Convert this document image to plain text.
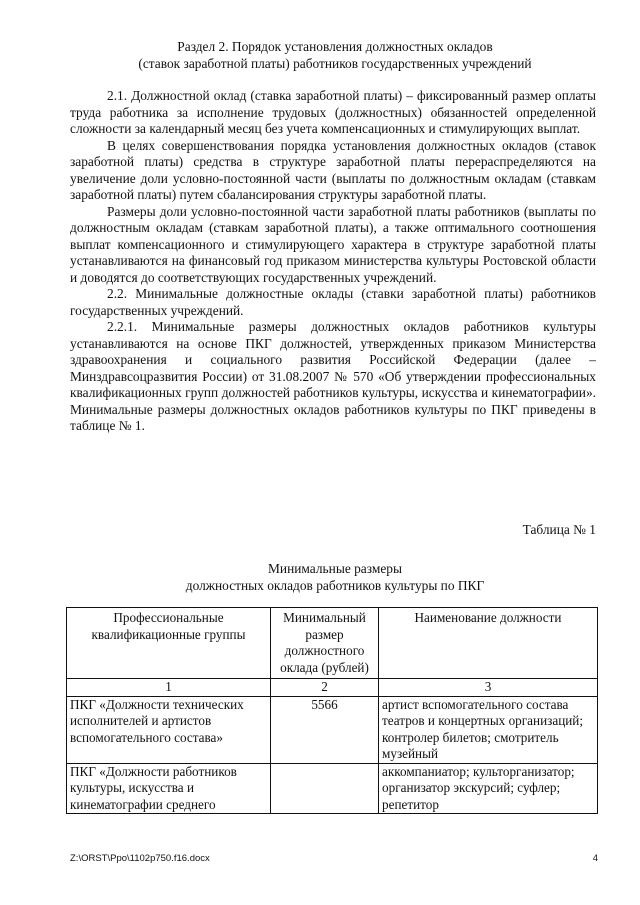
Раздел 2. Порядок установления должностных окладов
(ставок заработной платы) работников государственных учреждений

2.1. Должностной оклад (ставка заработной платы) – фиксированный размер оплаты труда работника за исполнение трудовых (должностных) обязанностей определенной сложности за календарный месяц без учета компенсационных и стимулирующих выплат.

В целях совершенствования порядка установления должностных окладов (ставок заработной платы) средства в структуре заработной платы перераспределяются на увеличение доли условно-постоянной части (выплаты по должностным окладам (ставкам заработной платы) путем сбалансирования структуры заработной платы.

Размеры доли условно-постоянной части заработной платы работников (выплаты по должностным окладам (ставкам заработной платы), а также оптимального соотношения выплат компенсационного и стимулирующего характера в структуре заработной платы устанавливаются на финансовый год приказом министерства культуры Ростовской области и доводятся до соответствующих государственных учреждений.

2.2. Минимальные должностные оклады (ставки заработной платы) работников государственных учреждений.

2.2.1. Минимальные размеры должностных окладов работников культуры устанавливаются на основе ПКГ должностей, утвержденных приказом Министерства здравоохранения и социального развития Российской Федерации (далее – Минздравсоцразвития России) от 31.08.2007 № 570 «Об утверждении профессиональных квалификационных групп должностей работников культуры, искусства и кинематографии». Минимальные размеры должностных окладов работников культуры по ПКГ приведены в таблице № 1.

Таблица № 1
Минимальные размеры
должностных окладов работников культуры по ПКГ
Профессиональные квалификационные группы	Минимальный размер должностного оклада (рублей)	Наименование должности
1	2	3
ПКГ «Должности технических исполнителей и артистов вспомогательного состава»	5566	артист вспомогательного состава театров и концертных организаций; контролер билетов; смотритель музейный
ПКГ «Должности работников культуры, искусства и кинематографии среднего		аккомпаниатор; культорганизатор; организатор экскурсий; суфлер; репетитор
Z:\ORST\Ppo\1102p750.f16.docx	4
